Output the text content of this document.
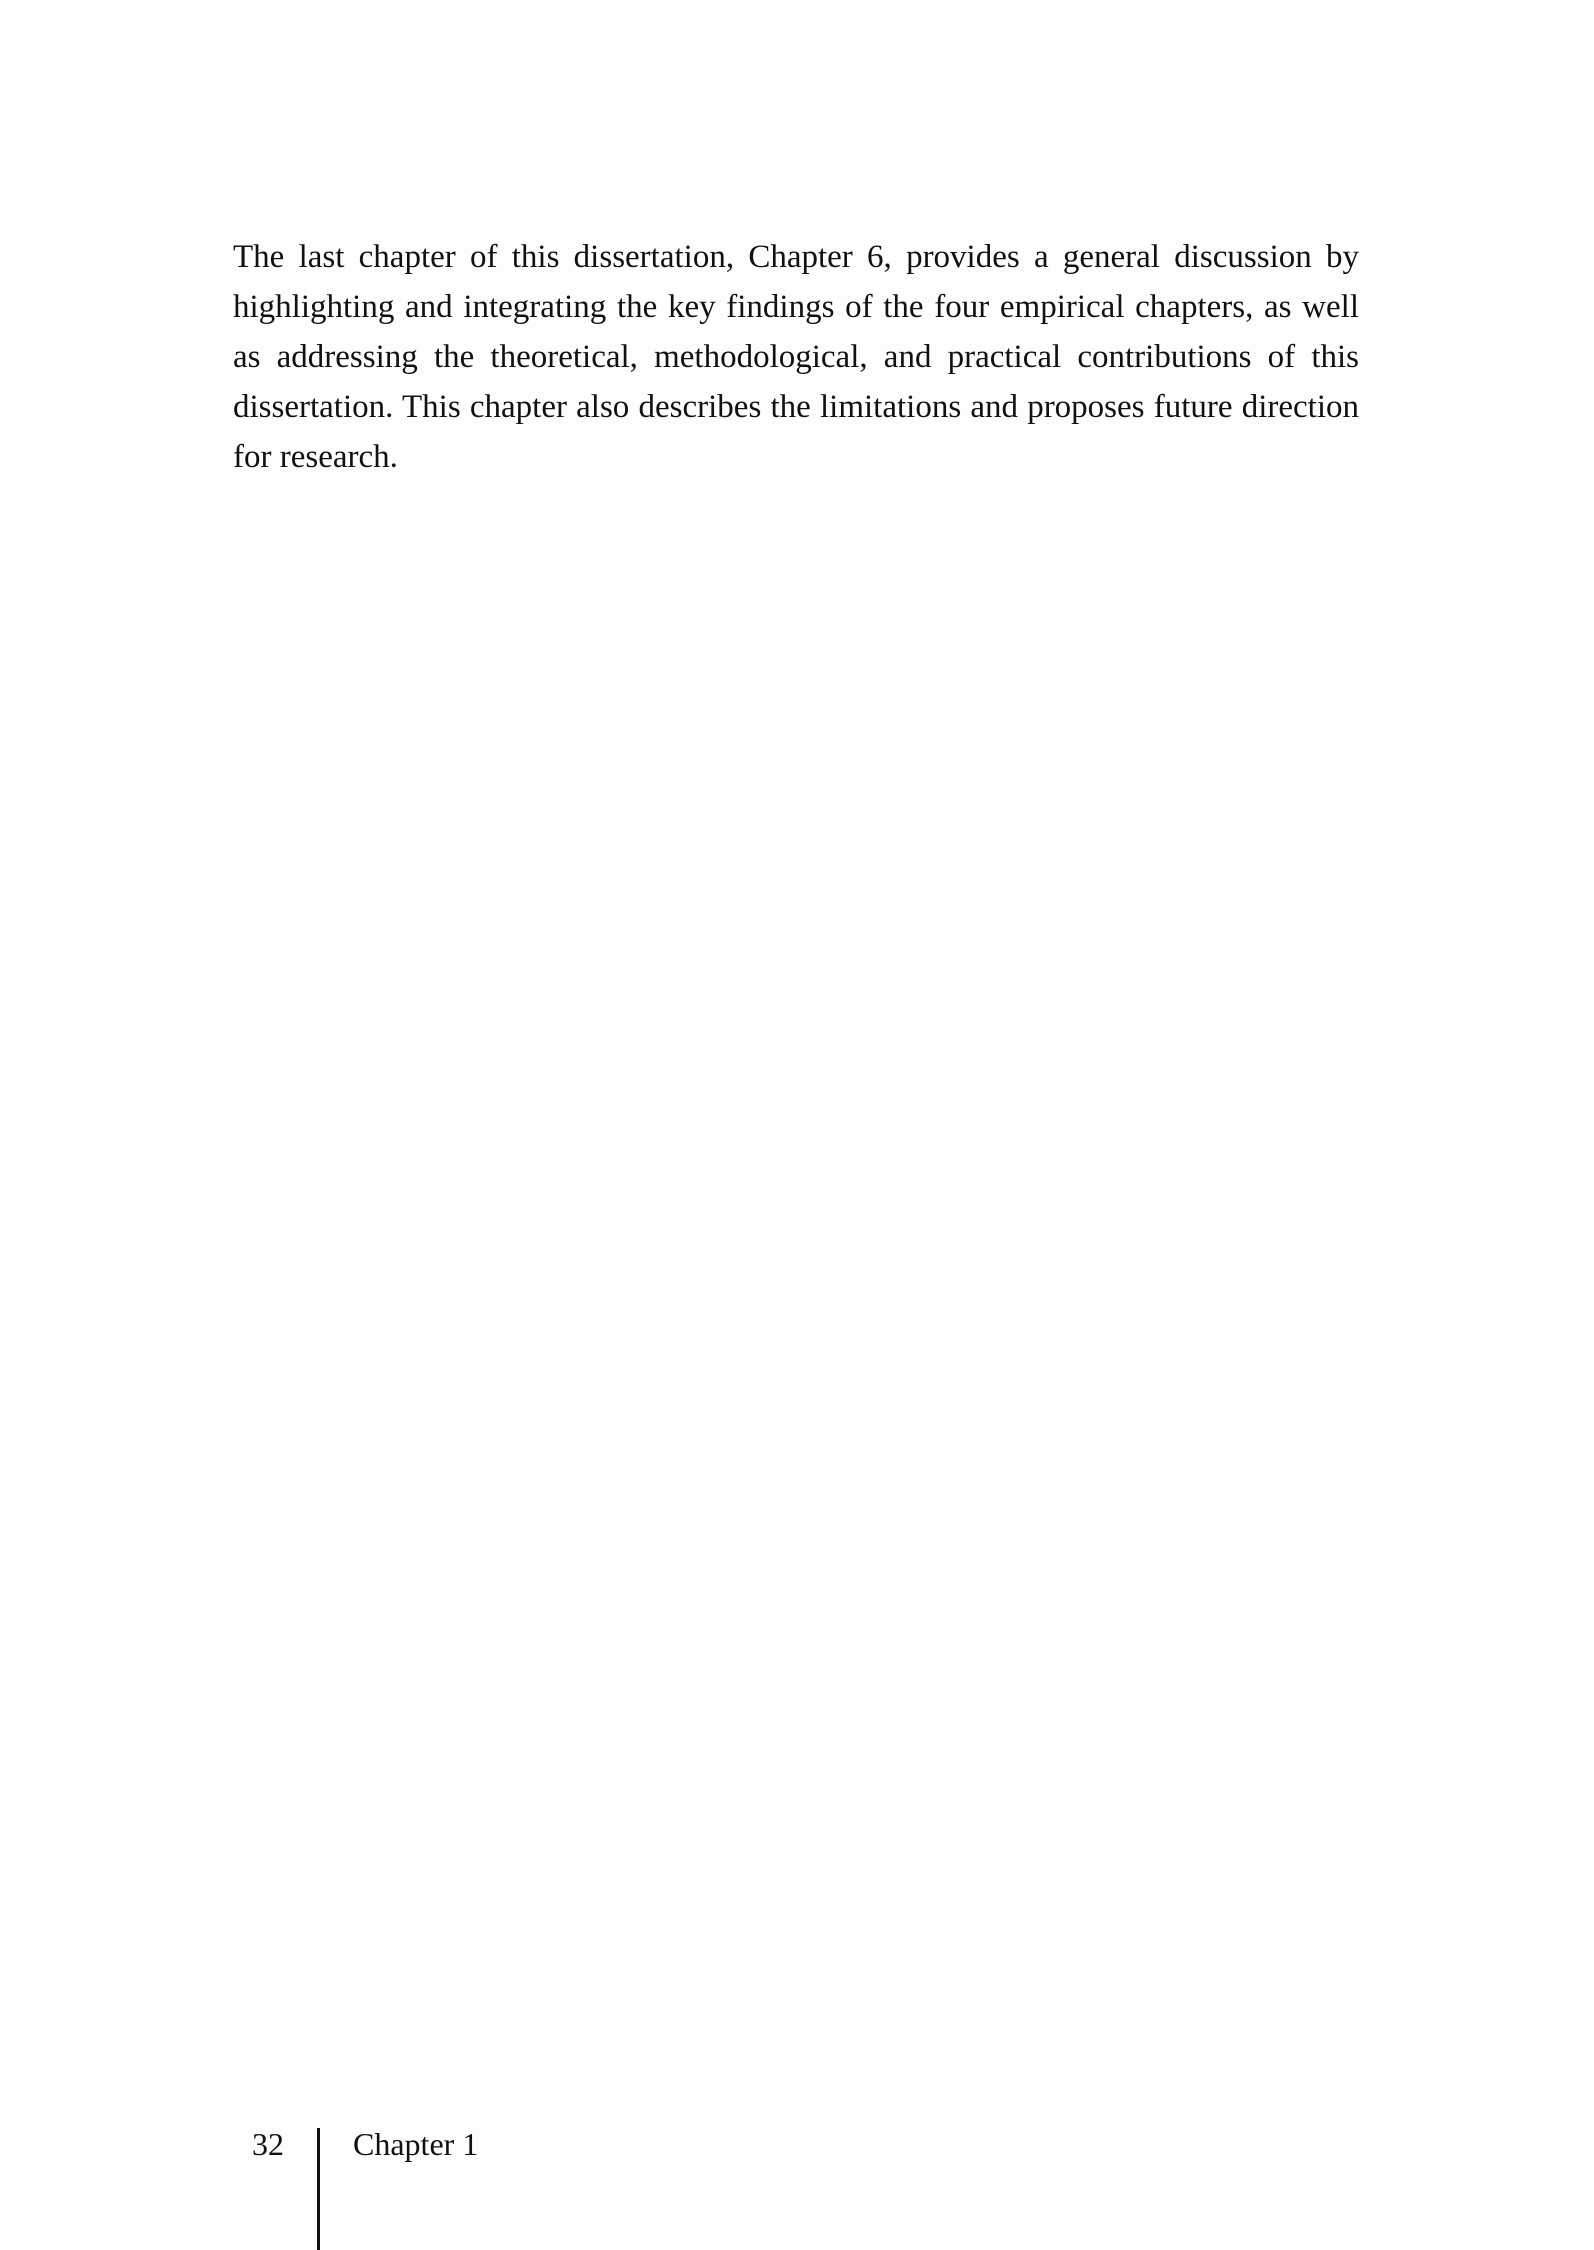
The last chapter of this dissertation, Chapter 6, provides a general discussion by highlighting and integrating the key findings of the four empirical chapters, as well as addressing the theoretical, methodological, and practical contributions of this dissertation. This chapter also describes the limitations and proposes future direction for research.

32 Chapter 1
